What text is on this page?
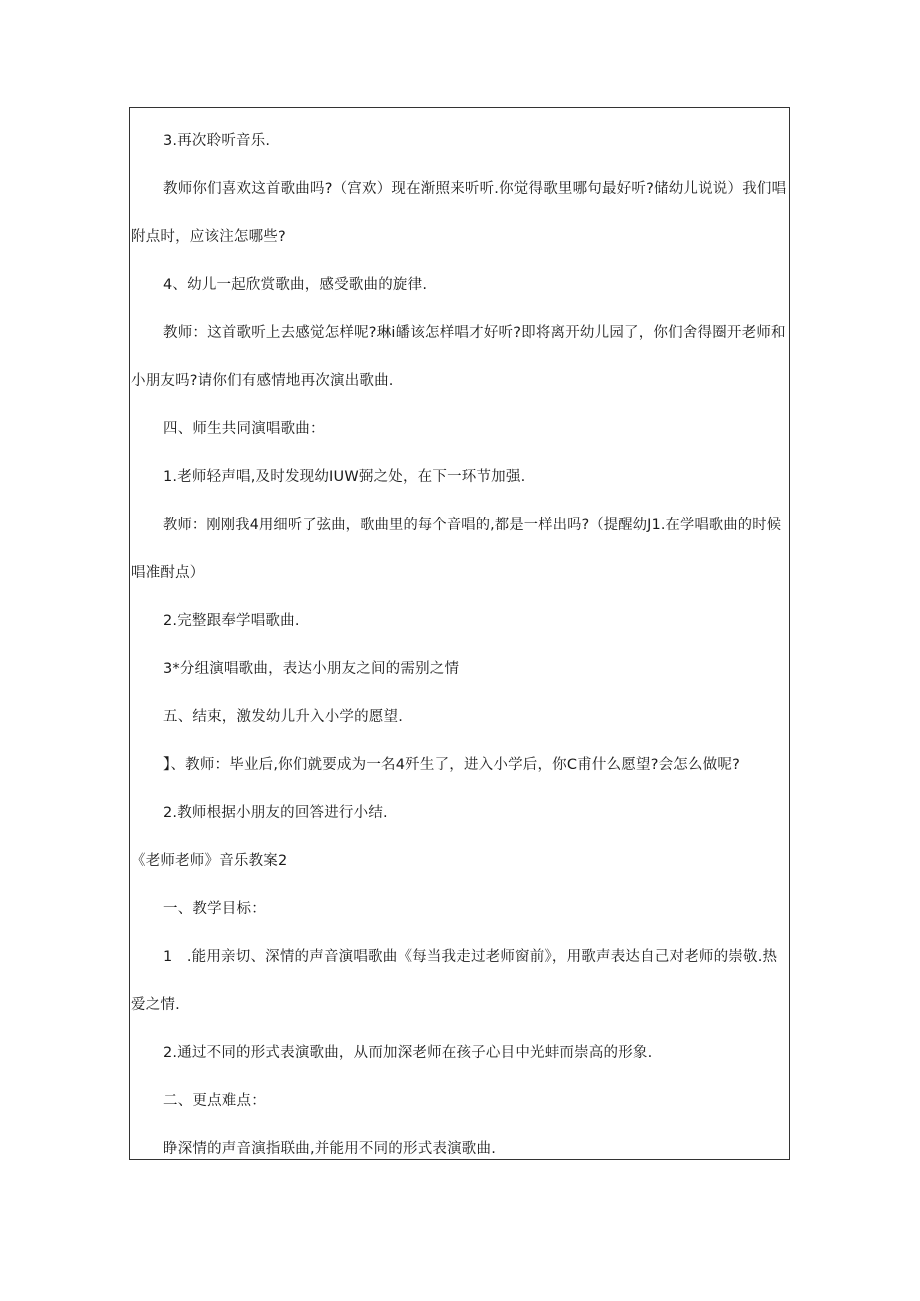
3.再次聆听音乐.
教师你们喜欢这首歌曲吗?（宫欢）现在渐照来听听.你觉得歌里哪句最好听?储幼儿说说）我们唱
附点时，应该注怎哪些?
4、幼儿一起欣赏歌曲，感受歌曲的旋律.
教师：这首歌听上去感觉怎样呢?琳i皤该怎样唱才好听?即将离开幼儿园了，你们舍得圈开老师和
小朋友吗?请你们有感情地再次演出歌曲.
四、师生共同演唱歌曲：
1.老师轻声唱,及时发现幼IUW弼之处，在下一环节加强.
教师：刚刚我4用细听了弦曲，歌曲里的每个音唱的,都是一样出吗?（提醒幼J1.在学唱歌曲的时候
唱准酎点）
2.完整跟奉学唱歌曲.
3*分组演唱歌曲，表达小朋友之间的需别之情
五、结束，激发幼儿升入小学的愿望.
】、教师：毕业后,你们就要成为一名4歼生了，进入小学后，你C甫什么愿望?会怎么做呢?
2.教师根据小朋友的回答进行小结.
《老师老师》音乐教案2
一、教学目标：
1   .能用亲切、深情的声音演唱歌曲《每当我走过老师窗前》，用歌声表达自己对老师的崇敬.热
爱之情.
2.通过不同的形式表演歌曲，从而加深老师在孩子心目中光蚌而崇高的形象.
二、更点难点：
睁深情的声音演指联曲,并能用不同的形式表演歌曲.
